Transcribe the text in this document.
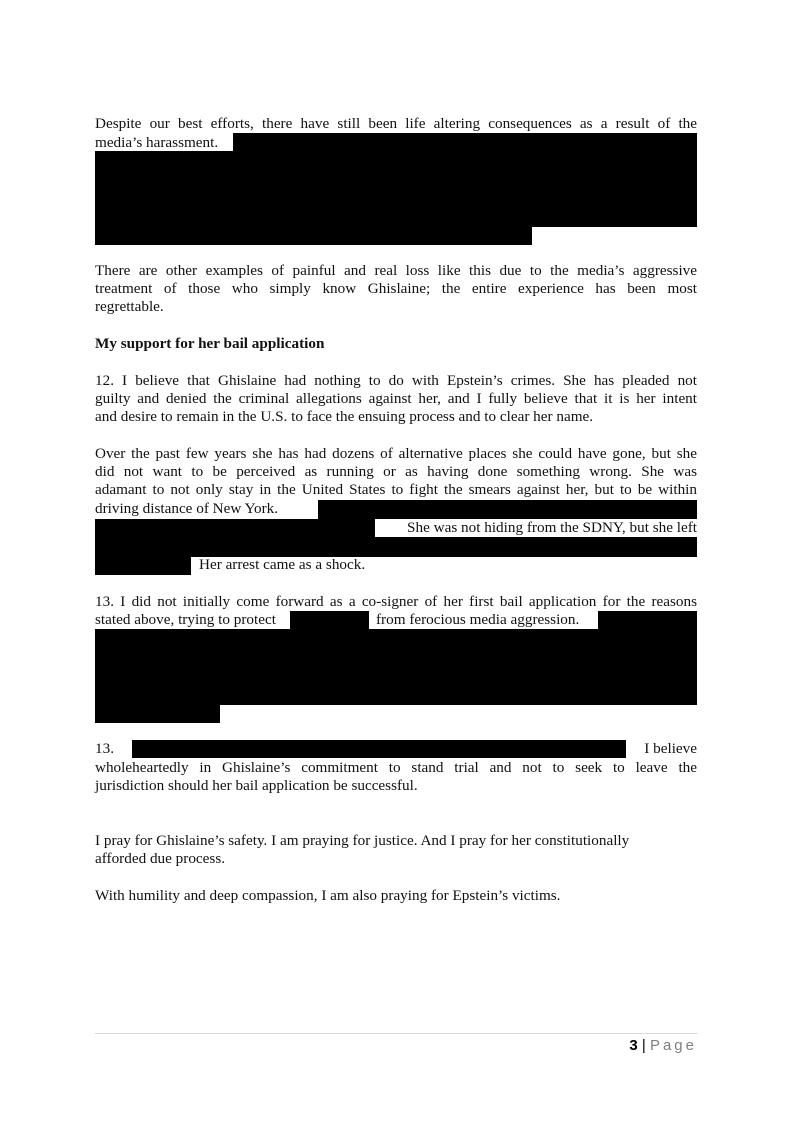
Despite our best efforts, there have still been life altering consequences as a result of the
media’s harassment.
There are other examples of painful and real loss like this due to the media’s aggressive
treatment of those who simply know Ghislaine; the entire experience has been most
regrettable.
My support for her bail application
12. I believe that Ghislaine had nothing to do with Epstein’s crimes. She has pleaded not
guilty and denied the criminal allegations against her, and I fully believe that it is her intent
and desire to remain in the U.S. to face the ensuing process and to clear her name.
Over the past few years she has had dozens of alternative places she could have gone, but she
did not want to be perceived as running or as having done something wrong. She was
adamant to not only stay in the United States to fight the smears against her, but to be within
driving distance of New York.
She was not hiding from the SDNY, but she left
Her arrest came as a shock.
13. I did not initially come forward as a co-signer of her first bail application for the reasons
stated above, trying to protect	from ferocious media aggression.
13.	I believe
wholeheartedly in Ghislaine’s commitment to stand trial and not to seek to leave the
jurisdiction should her bail application be successful.
I pray for Ghislaine’s safety. I am praying for justice. And I pray for her constitutionally
afforded due process.
With humility and deep compassion, I am also praying for Epstein’s victims.
3 | Page
